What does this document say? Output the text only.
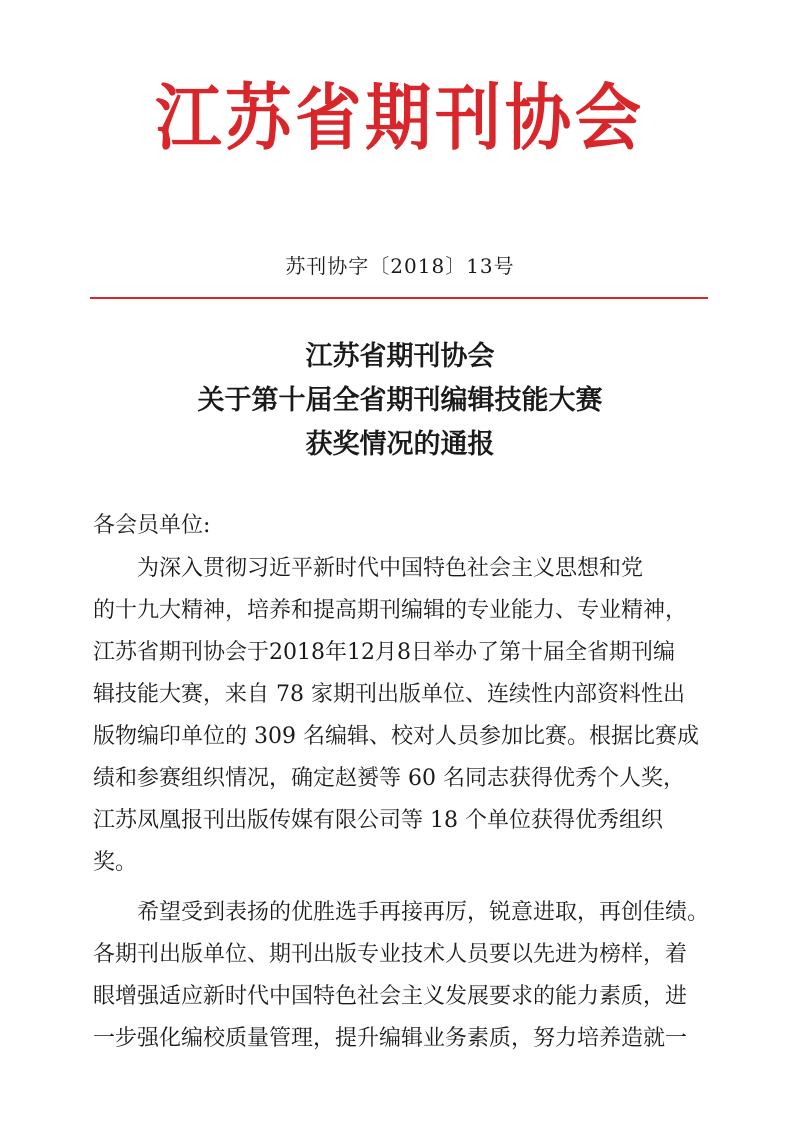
江苏省期刊协会
苏刊协字〔2018〕13号
江苏省期刊协会
关于第十届全省期刊编辑技能大赛
获奖情况的通报
各会员单位:

为深入贯彻习近平新时代中国特色社会主义思想和党
的十九大精神，培养和提高期刊编辑的专业能力、专业精神，
江苏省期刊协会于2018年12月8日举办了第十届全省期刊编
辑技能大赛，来自 78 家期刊出版单位、连续性内部资料性出
版物编印单位的 309 名编辑、校对人员参加比赛。根据比赛成
绩和参赛组织情况，确定赵赟等 60 名同志获得优秀个人奖，
江苏凤凰报刊出版传媒有限公司等 18 个单位获得优秀组织
奖。

希望受到表扬的优胜选手再接再厉，锐意进取，再创佳绩。
各期刊出版单位、期刊出版专业技术人员要以先进为榜样，着
眼增强适应新时代中国特色社会主义发展要求的能力素质，进
一步强化编校质量管理，提升编辑业务素质，努力培养造就一
